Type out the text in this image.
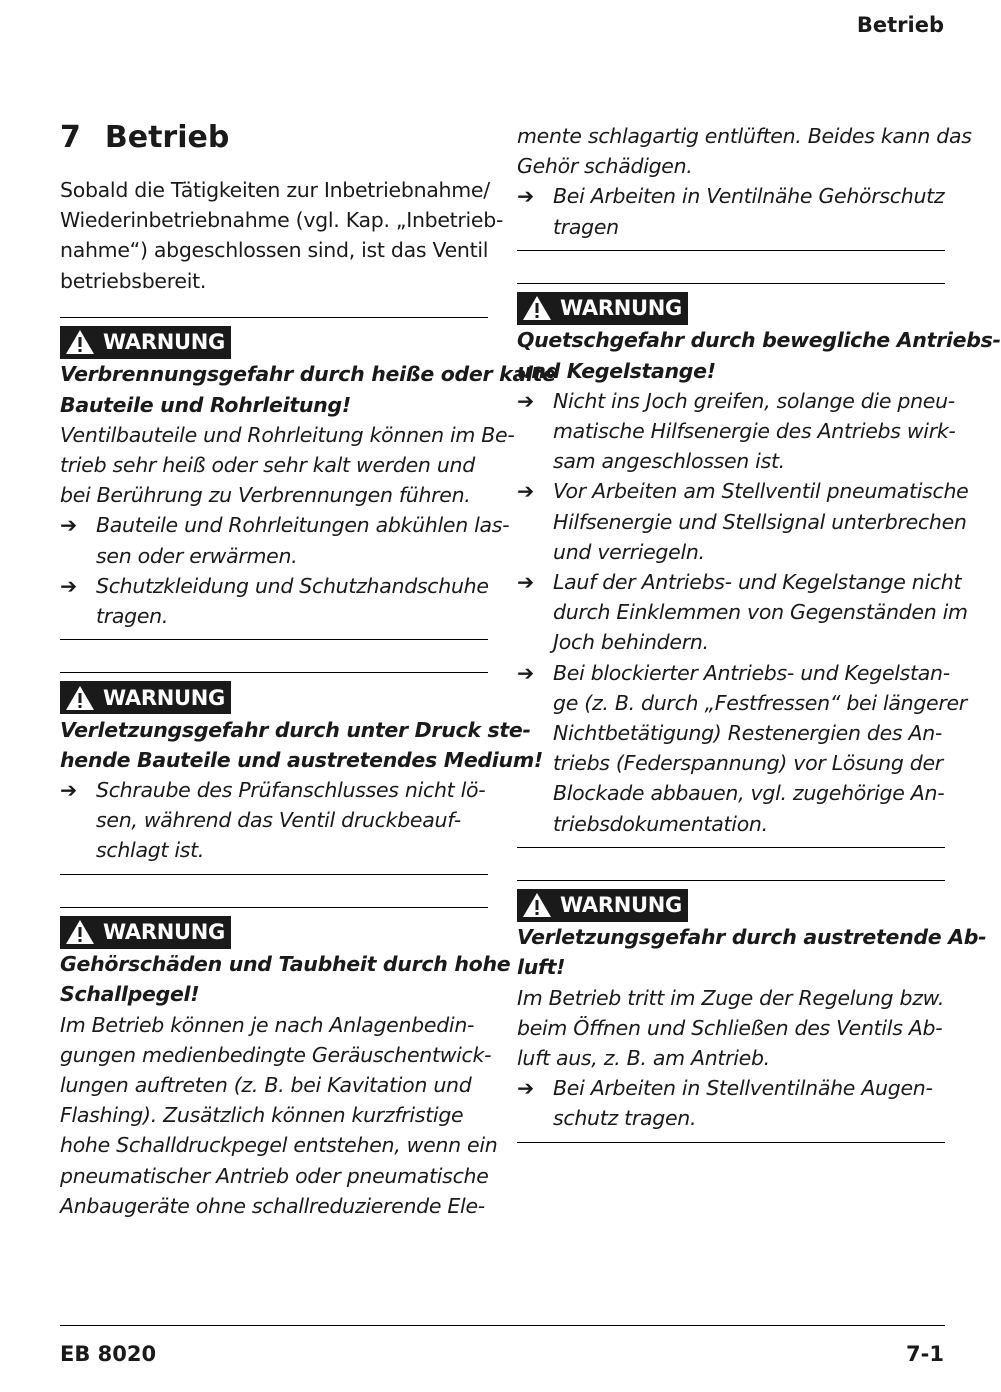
Betrieb
7 Betrieb

Sobald die Tätigkeiten zur Inbetriebnahme/

Wiederinbetriebnahme (vgl. Kap. „Inbetrieb-

nahme“) abgeschlossen sind, ist das Ventil

betriebsbereit.

WARNUNG

Verbrennungsgefahr durch heiße oder kalte

Bauteile und Rohrleitung!

Ventilbauteile und Rohrleitung können im Be-

trieb sehr heiß oder sehr kalt werden und

bei Berührung zu Verbrennungen führen.

➔ Bauteile und Rohrleitungen abkühlen las-

sen oder erwärmen.

➔ Schutzkleidung und Schutzhandschuhe

tragen.

WARNUNG

Verletzungsgefahr durch unter Druck ste-

hende Bauteile und austretendes Medium!

➔ Schraube des Prüfanschlusses nicht lö-

sen, während das Ventil druckbeauf-

schlagt ist.

WARNUNG

Gehörschäden und Taubheit durch hohe

Schallpegel!

Im Betrieb können je nach Anlagenbedin-

gungen medienbedingte Geräuschentwick-

lungen auftreten (z. B. bei Kavitation und

Flashing). Zusätzlich können kurzfristige

hohe Schalldruckpegel entstehen, wenn ein

pneumatischer Antrieb oder pneumatische

Anbaugeräte ohne schallreduzierende Ele-

mente schlagartig entlüften. Beides kann das

Gehör schädigen.

➔ Bei Arbeiten in Ventilnähe Gehörschutz

tragen

WARNUNG

Quetschgefahr durch bewegliche Antriebs-

und Kegelstange!

➔ Nicht ins Joch greifen, solange die pneu-

matische Hilfsenergie des Antriebs wirk-

sam angeschlossen ist.

➔ Vor Arbeiten am Stellventil pneumatische

Hilfsenergie und Stellsignal unterbrechen

und verriegeln.

➔ Lauf der Antriebs- und Kegelstange nicht

durch Einklemmen von Gegenständen im

Joch behindern.

➔ Bei blockierter Antriebs- und Kegelstan-

ge (z. B. durch „Festfressen“ bei längerer

Nichtbetätigung) Restenergien des An-

triebs (Federspannung) vor Lösung der

Blockade abbauen, vgl. zugehörige An-

triebsdokumentation.

WARNUNG

Verletzungsgefahr durch austretende Ab-

luft!

Im Betrieb tritt im Zuge der Regelung bzw.

beim Öffnen und Schließen des Ventils Ab-

luft aus, z. B. am Antrieb.

➔ Bei Arbeiten in Stellventilnähe Augen-

schutz tragen.

EB 8020	7-1
